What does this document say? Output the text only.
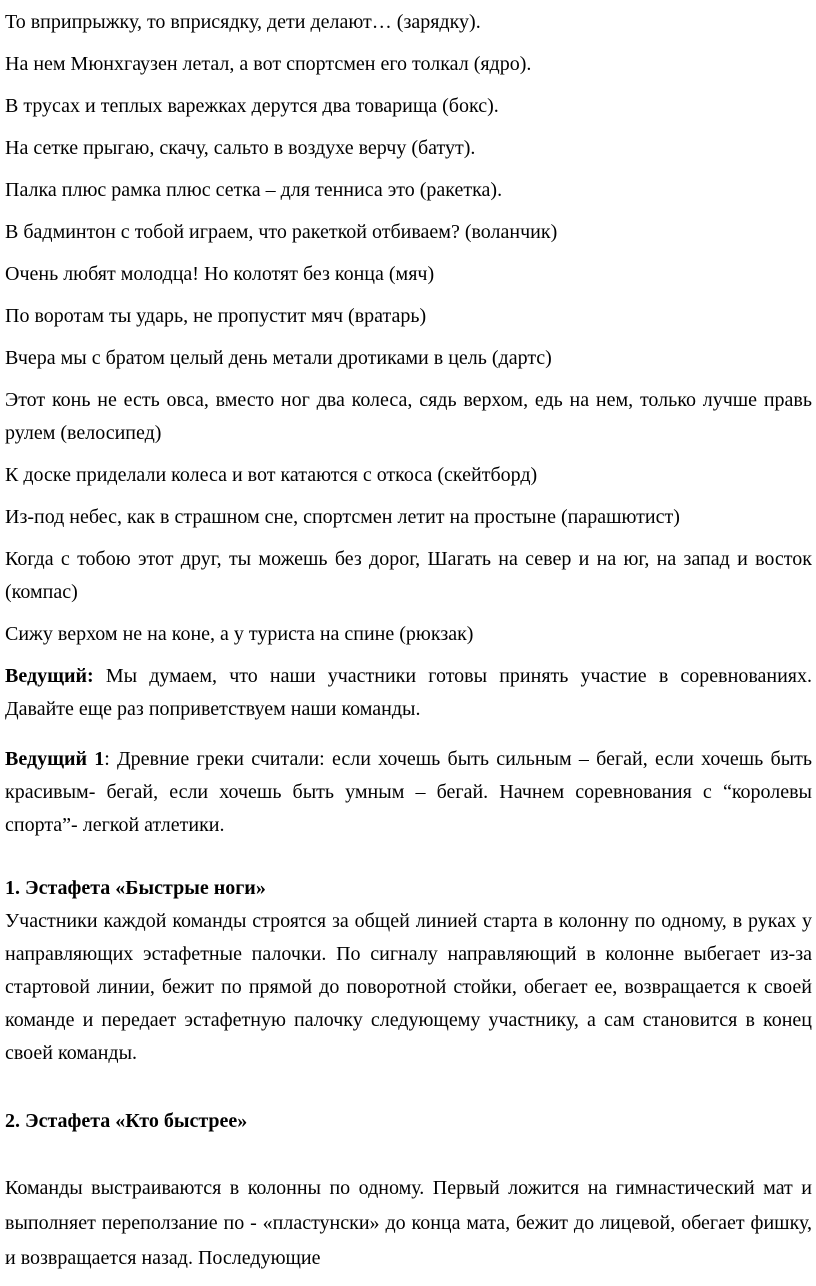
То вприпрыжку, то вприсядку, дети делают… (зарядку).

На нем Мюнхгаузен летал, а вот спортсмен его толкал (ядро).

В трусах и теплых варежках дерутся два товарища (бокс).

На сетке прыгаю, скачу, сальто в воздухе верчу (батут).

Палка плюс рамка плюс сетка – для тенниса это (ракетка).

В бадминтон с тобой играем, что ракеткой отбиваем? (воланчик)

Очень любят молодца! Но колотят без конца (мяч)

По воротам ты ударь, не пропустит мяч (вратарь)

Вчера мы с братом целый день метали дротиками в цель (дартс)

Этот конь не есть овса, вместо ног два колеса, сядь верхом, едь на нем, только лучше правь рулем (велосипед)

К доске приделали колеса и вот катаются с откоса (скейтборд)

Из-под небес, как в страшном сне, спортсмен летит на простыне (парашютист)

Когда с тобою этот друг, ты можешь без дорог, Шагать на север и на юг, на запад и восток (компас)

Сижу верхом не на коне, а у туриста на спине (рюкзак)

Ведущий: Мы думаем, что наши участники готовы принять участие в соревнованиях. Давайте еще раз поприветствуем наши команды.

Ведущий 1: Древние греки считали: если хочешь быть сильным – бегай, если хочешь быть красивым- бегай, если хочешь быть умным – бегай. Начнем соревнования с “королевы спорта”- легкой атлетики.

1. Эстафета «Быстрые ноги»

Участники каждой команды строятся за общей линией старта в колонну по одному, в руках у направляющих эстафетные палочки. По сигналу направляющий в колонне выбегает из-за стартовой линии, бежит по прямой до поворотной стойки, обегает ее, возвращается к своей команде и передает эстафетную палочку следующему участнику, а сам становится в конец своей команды.

2. Эстафета «Кто быстрее»

Команды выстраиваются в колонны по одному. Первый ложится на гимнастический мат и выполняет переползание по - «пластунски» до конца мата, бежит до лицевой, обегает фишку, и возвращается назад. Последующие
